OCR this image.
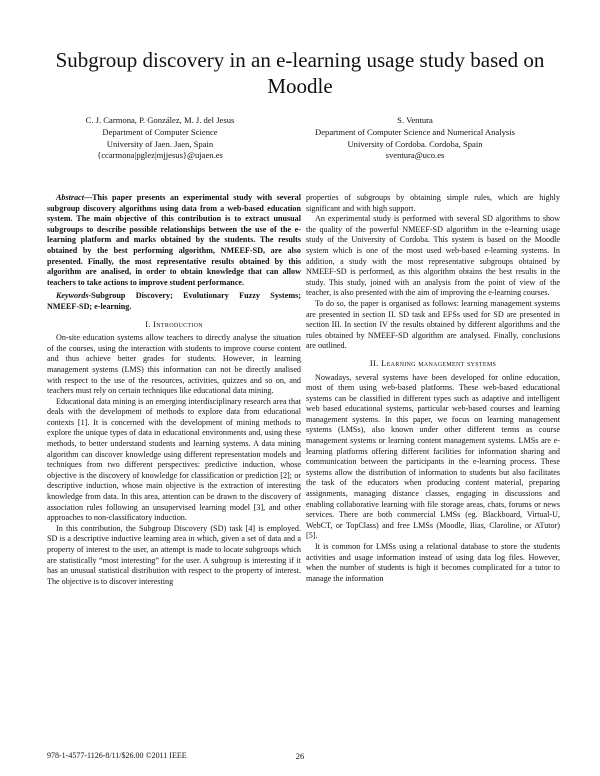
Subgroup discovery in an e-learning usage study based on Moodle
C. J. Carmona, P. González, M. J. del Jesus
Department of Computer Science
University of Jaen. Jaen, Spain
{ccarmona|pglez|mjjesus}@ujaen.es
S. Ventura
Department of Computer Science and Numerical Analysis
University of Cordoba. Cordoba, Spain
sventura@uco.es

Abstract—This paper presents an experimental study with several subgroup discovery algorithms using data from a web-based education system. The main objective of this contribution is to extract unusual subgroups to describe possible relationships between the use of the e-learning platform and marks obtained by the students. The results obtained by the best performing algorithm, NMEEF-SD, are also presented. Finally, the most representative results obtained by this algorithm are analised, in order to obtain knowledge that can allow teachers to take actions to improve student performance.

Keywords-Subgroup Discovery; Evolutionary Fuzzy Systems; NMEEF-SD; e-learning.

I. Introduction

On-site education systems allow teachers to directly analyse the situation of the courses, using the interaction with students to improve course content and thus achieve better grades for students. However, in learning management systems (LMS) this information can not be directly analised with respect to the use of the resources, activities, quizzes and so on, and teachers must rely on certain techniques like educational data mining.

Educational data mining is an emerging interdisciplinary research area that deals with the development of methods to explore data from educational contexts [1]. It is concerned with the development of mining methods to explore the unique types of data in educational environments and, using these methods, to better understand students and learning systems. A data mining algorithm can discover knowledge using different representation models and techniques from two different perspectives: predictive induction, whose objective is the discovery of knowledge for classification or prediction [2]; or descriptive induction, whose main objective is the extraction of interesting knowledge from data. In this area, attention can be drawn to the discovery of association rules following an unsupervised learning model [3], and other approaches to non-classificatory induction.

In this contribution, the Subgroup Discovery (SD) task [4] is employed. SD is a descriptive inductive learning area in which, given a set of data and a property of interest to the user, an attempt is made to locate subgroups which are statistically “most interesting” for the user. A subgroup is interesting if it has an unusual statistical distribution with respect to the property of interest. The objective is to discover interesting

properties of subgroups by obtaining simple rules, which are highly significant and with high support.

An experimental study is performed with several SD algorithms to show the quality of the powerful NMEEF-SD algorithm in the e-learning usage study of the University of Cordoba. This system is based on the Moodle system which is one of the most used web-based e-learning systems. In addition, a study with the most representative subgroups obtained by NMEEF-SD is performed, as this algorithm obtains the best results in the study. This study, joined with an analysis from the point of view of the teacher, is also presented with the aim of improving the e-learning courses.

To do so, the paper is organised as follows: learning management systems are presented in section II. SD task and EFSs used for SD are presented in section III. In section IV the results obtained by different algorithms and the rules obtained by NMEEF-SD algorithm are analysed. Finally, conclusions are outlined.

II. Learning management systems

Nowadays, several systems have been developed for online education, most of them using web-based platforms. These web-based educational systems can be classified in different types such as adaptive and intelligent web based educational systems, particular web-based courses and learning management systems. In this paper, we focus on learning management systems (LMSs), also known under other different terms as course management systems or learning content management systems. LMSs are e-learning platforms offering different facilities for information sharing and communication between the participants in the e-learning process. These systems allow the distribution of information to students but also facilitates the task of the educators when producing content material, preparing assignments, managing distance classes, engaging in discussions and enabling collaborative learning with file storage areas, chats, forums or news services. There are both commercial LMSs (eg. Blackboard, Virtual-U, WebCT, or TopClass) and free LMSs (Moodle, Ilias, Claroline, or ATutor) [5].

It is common for LMSs using a relational database to store the students activities and usage information instead of using data log files. However, when the number of students is high it becomes complicated for a tutor to manage the information

978-1-4577-1126-8/11/$26.00 ©2011 IEEE	26
